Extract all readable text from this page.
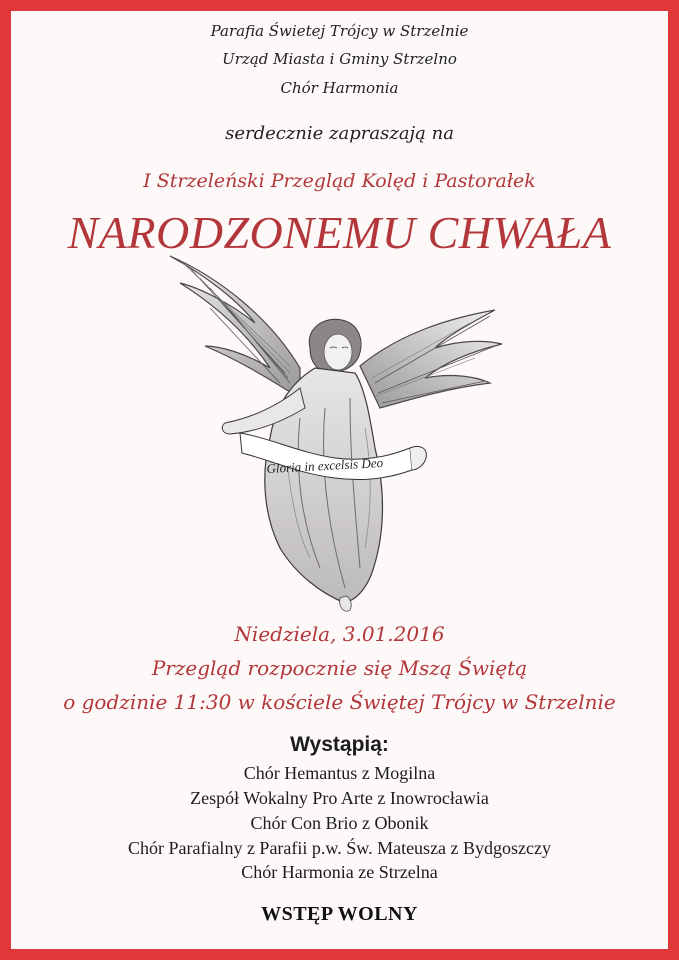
Parafia Świetej Trójcy w Strzelnie

Urząd Miasta i Gminy Strzelno

Chór Harmonia

serdecznie zapraszają na

I Strzeleński Przegląd Kolęd i Pastorałek

NARODZONEMU CHWAŁA

Gloria in excelsis Deo

Niedziela, 3.01.2016

Przegląd rozpocznie się Mszą Świętą

o godzinie 11:30 w kościele Świętej Trójcy w Strzelnie

Wystąpią:

Chór Hemantus z Mogilna

Zespół Wokalny Pro Arte z Inowrocławia

Chór Con Brio z Obonik

Chór Parafialny z Parafii p.w. Św. Mateusza z Bydgoszczy

Chór Harmonia ze Strzelna

WSTĘP WOLNY
